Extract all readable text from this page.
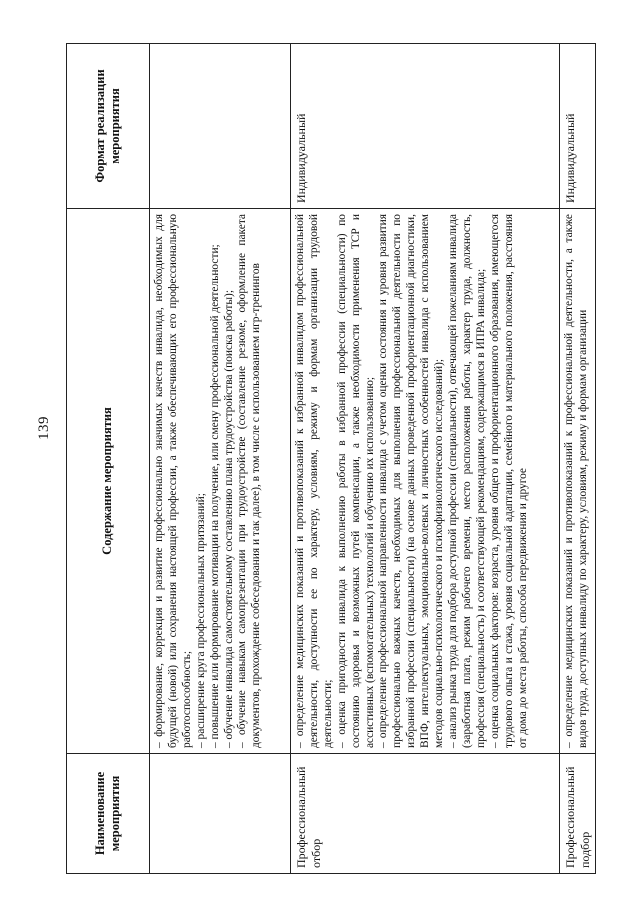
139
Наименование мероприятия	Содержание мероприятия	Формат реализации мероприятия

	– формирование, коррекция и развитие профессионально значимых качеств инвалида, необходимых для будущей (новой) или сохранения настоящей профессии, а также обеспечивающих его профессиональную работоспособность; – расширение круга профессиональных притязаний; – повышение или формирование мотивации на получение, или смену профессиональной деятельности; – обучение инвалида самостоятельному составлению плана трудоустройства (поиска работы); – обучение навыкам самопрезентации при трудоустройстве (составление резюме, оформление пакета документов, прохождение собеседования и так далее), в том числе с использованием игр-тренингов	

Профессиональный отбор	– определение медицинских показаний и противопоказаний к избранной инвалидом профессиональной деятельности, доступности ее по характеру, условиям, режиму и формам организации трудовой деятельности; – оценка пригодности инвалида к выполнению работы в избранной профессии (специальности) по состоянию здоровья и возможных путей компенсации, а также необходимости применения ТСР и ассистивных (вспомогательных) технологий и обучению их использованию; – определение профессиональной направленности инвалида с учетом оценки состояния и уровня развития профессионально важных качеств, необходимых для выполнения профессиональной деятельности по избранной профессии (специальности) (на основе данных проведенной профориентационной диагностики, ВПФ, интеллектуальных, эмоционально-волевых и личностных особенностей инвалида с использованием методов социально-психологического и психофизиологического исследований); – анализ рынка труда для подбора доступной профессии (специальности), отвечающей пожеланиям инвалида (заработная плата, режим рабочего времени, место расположения работы, характер труда, должность, профессия (специальность) и соответствующей рекомендациям, содержащимся в ИПРА инвалида; – оценка социальных факторов: возраста, уровня общего и профориентационного образования, имеющегося трудового опыта и стажа, уровня социальной адаптации, семейного и материального положения, расстояния от дома до места работы, способа передвижения и другое	Индивидуальный
Профессиональный подбор	– определение медицинских показаний и противопоказаний к профессиональной деятельности, а также видов труда, доступных инвалиду по характеру, условиям, режиму и формам организации	Индивидуальный
